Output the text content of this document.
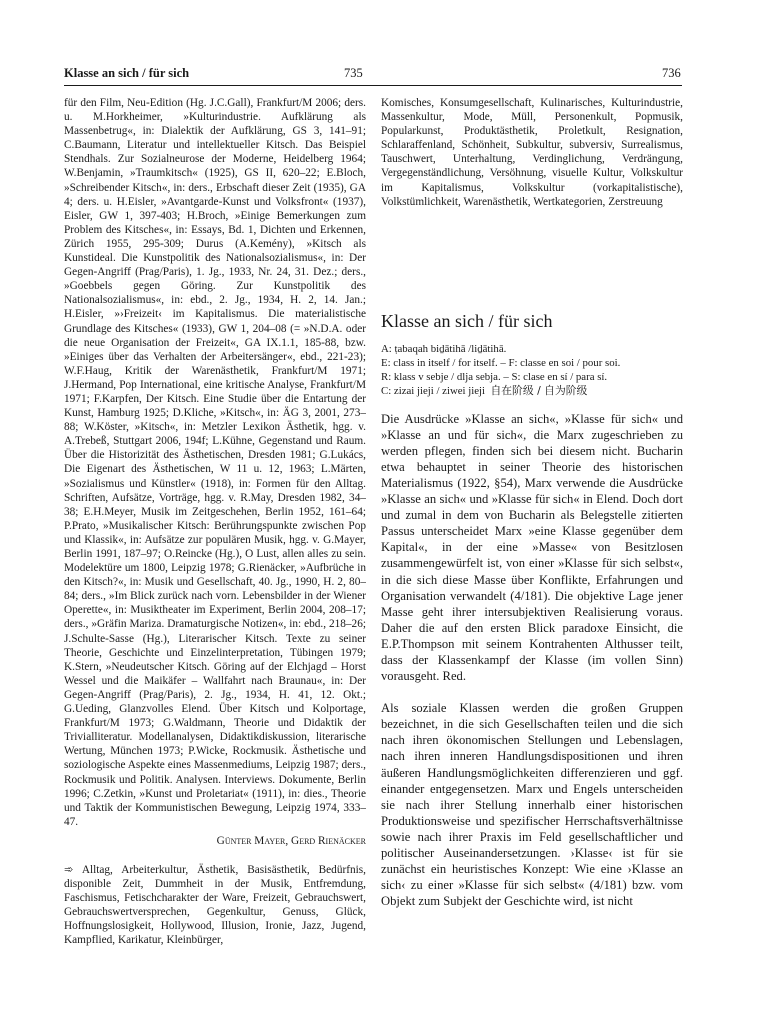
Klasse an sich / für sich	735	736

für den Film, Neu-Edition (Hg. J.C.Gall), Frankfurt/M 2006; ders. u. M.Horkheimer, »Kulturindustrie. Aufklärung als Massenbetrug«, in: Dialektik der Aufklärung, GS 3, 141–91; C.Baumann, Literatur und intellektueller Kitsch. Das Beispiel Stendhals. Zur Sozialneurose der Moderne, Heidelberg 1964; W.Benjamin, »Traumkitsch« (1925), GS II, 620–22; E.Bloch, »Schreibender Kitsch«, in: ders., Erbschaft dieser Zeit (1935), GA 4; ders. u. H.Eisler, »Avantgarde-Kunst und Volksfront« (1937), Eisler, GW 1, 397-403; H.Broch, »Einige Bemerkungen zum Problem des Kitsches«, in: Essays, Bd. 1, Dichten und Erkennen, Zürich 1955, 295-309; Durus (A.Kemény), »Kitsch als Kunstideal. Die Kunstpolitik des Nationalsozialismus«, in: Der Gegen-Angriff (Prag/Paris), 1. Jg., 1933, Nr. 24, 31. Dez.; ders., »Goebbels gegen Göring. Zur Kunstpolitik des Nationalsozialismus«, in: ebd., 2. Jg., 1934, H. 2, 14. Jan.; H.Eisler, »›Freizeit‹ im Kapitalismus. Die materialistische Grundlage des Kitsches« (1933), GW 1, 204–08 (= »N.D.A. oder die neue Organisation der Freizeit«, GA IX.1.1, 185-88, bzw. »Einiges über das Verhalten der Arbeitersänger«, ebd., 221-23); W.F.Haug, Kritik der Warenästhetik, Frankfurt/M 1971; J.Hermand, Pop International, eine kritische Analyse, Frankfurt/M 1971; F.Karpfen, Der Kitsch. Eine Studie über die Entartung der Kunst, Hamburg 1925; D.Kliche, »Kitsch«, in: ÄG 3, 2001, 273–88; W.Köster, »Kitsch«, in: Metzler Lexikon Ästhetik, hgg. v. A.Trebeß, Stuttgart 2006, 194f; L.Kühne, Gegenstand und Raum. Über die Historizität des Ästhetischen, Dresden 1981; G.Lukács, Die Eigenart des Ästhetischen, W 11 u. 12, 1963; L.Märten, »Sozialismus und Künstler« (1918), in: Formen für den Alltag. Schriften, Aufsätze, Vorträge, hgg. v. R.May, Dresden 1982, 34–38; E.H.Meyer, Musik im Zeitgeschehen, Berlin 1952, 161–64; P.Prato, »Musikalischer Kitsch: Berührungspunkte zwischen Pop und Klassik«, in: Aufsätze zur populären Musik, hgg. v. G.Mayer, Berlin 1991, 187–97; O.Reincke (Hg.), O Lust, allen alles zu sein. Modelektüre um 1800, Leipzig 1978; G.Rienäcker, »Aufbrüche in den Kitsch?«, in: Musik und Gesellschaft, 40. Jg., 1990, H. 2, 80–84; ders., »Im Blick zurück nach vorn. Lebensbilder in der Wiener Operette«, in: Musiktheater im Experiment, Berlin 2004, 208–17; ders., »Gräfin Mariza. Dramaturgische Notizen«, in: ebd., 218–26; J.Schulte-Sasse (Hg.), Literarischer Kitsch. Texte zu seiner Theorie, Geschichte und Einzelinterpretation, Tübingen 1979; K.Stern, »Neudeutscher Kitsch. Göring auf der Elchjagd – Horst Wessel und die Maikäfer – Wallfahrt nach Braunau«, in: Der Gegen-Angriff (Prag/Paris), 2. Jg., 1934, H. 41, 12. Okt.; G.Ueding, Glanzvolles Elend. Über Kitsch und Kolportage, Frankfurt/M 1973; G.Waldmann, Theorie und Didaktik der Trivialliteratur. Modellanalysen, Didaktikdiskussion, literarische Wertung, München 1973; P.Wicke, Rockmusik. Ästhetische und soziologische Aspekte eines Massenmediums, Leipzig 1987; ders., Rockmusik und Politik. Analysen. Interviews. Dokumente, Berlin 1996; C.Zetkin, »Kunst und Proletariat« (1911), in: dies., Theorie und Taktik der Kommunistischen Bewegung, Leipzig 1974, 333–47.

Günter Mayer, Gerd Rienäcker

➾ Alltag, Arbeiterkultur, Ästhetik, Basisästhetik, Bedürfnis, disponible Zeit, Dummheit in der Musik, Entfremdung, Faschismus, Fetischcharakter der Ware, Freizeit, Gebrauchswert, Gebrauchswertversprechen, Gegenkultur, Genuss, Glück, Hoffnungslosigkeit, Hollywood, Illusion, Ironie, Jazz, Jugend, Kampflied, Karikatur, Kleinbürger,

Komisches, Konsumgesellschaft, Kulinarisches, Kulturindustrie, Massenkultur, Mode, Müll, Personenkult, Popmusik, Popularkunst, Produktästhetik, Proletkult, Resignation, Schlaraffenland, Schönheit, Subkultur, subversiv, Surrealismus, Tauschwert, Unterhaltung, Verdinglichung, Verdrängung, Vergegenständlichung, Versöhnung, visuelle Kultur, Volkskultur im Kapitalismus, Volkskultur (vorkapitalistische), Volkstümlichkeit, Warenästhetik, Wertkategorien, Zerstreuung

Klasse an sich / für sich

A: ṭabaqah biḏātihā /liḏātihā.

E: class in itself / for itself. – F: classe en soi / pour soi.

R: klass v sebje / dlja sebja. – S: clase en sí / para sí.

C: zizai jieji / ziwei jieji 自在阶级 / 自为阶级

Die Ausdrücke »Klasse an sich«, »Klasse für sich« und »Klasse an und für sich«, die Marx zugeschrieben zu werden pflegen, finden sich bei diesem nicht. Bucharin etwa behauptet in seiner Theorie des historischen Materialismus (1922, §54), Marx verwende die Ausdrücke »Klasse an sich« und »Klasse für sich« in Elend. Doch dort und zumal in dem von Bucharin als Belegstelle zitierten Passus unterscheidet Marx »eine Klasse gegenüber dem Kapital«, in der eine »Masse« von Besitzlosen zusammengewürfelt ist, von einer »Klasse für sich selbst«, in die sich diese Masse über Konflikte, Erfahrungen und Organisation verwandelt (4/181). Die objektive Lage jener Masse geht ihrer intersubjektiven Realisierung voraus. Daher die auf den ersten Blick paradoxe Einsicht, die E.P.Thompson mit seinem Kontrahenten Althusser teilt, dass der Klassenkampf der Klasse (im vollen Sinn) vorausgeht. Red.

Als soziale Klassen werden die großen Gruppen bezeichnet, in die sich Gesellschaften teilen und die sich nach ihren ökonomischen Stellungen und Lebenslagen, nach ihren inneren Handlungsdispositionen und ihren äußeren Handlungsmöglichkeiten differenzieren und ggf. einander entgegensetzen. Marx und Engels unterscheiden sie nach ihrer Stellung innerhalb einer historischen Produktionsweise und spezifischer Herrschaftsverhältnisse sowie nach ihrer Praxis im Feld gesellschaftlicher und politischer Auseinandersetzungen. ›Klasse‹ ist für sie zunächst ein heuristisches Konzept: Wie eine ›Klasse an sich‹ zu einer »Klasse für sich selbst« (4/181) bzw. vom Objekt zum Subjekt der Geschichte wird, ist nicht
